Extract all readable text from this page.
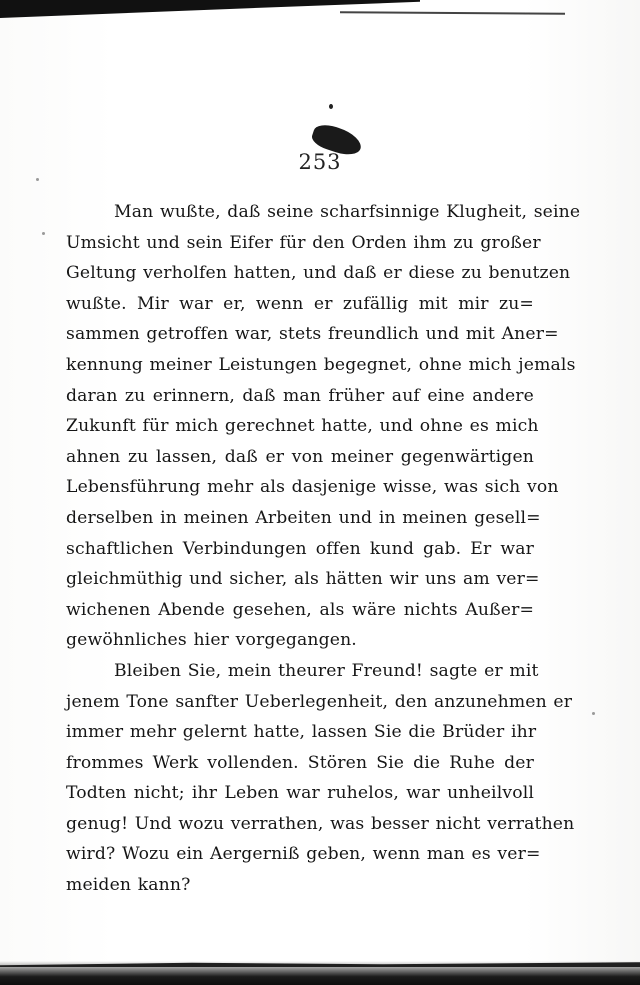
253
Man wußte, daß seine scharfsinnige Klugheit, seine
Umsicht und sein Eifer für den Orden ihm zu großer
Geltung verholfen hatten, und daß er diese zu benutzen
wußte. Mir war er, wenn er zufällig mit mir zu=
sammen getroffen war, stets freundlich und mit Aner=
kennung meiner Leistungen begegnet, ohne mich jemals
daran zu erinnern, daß man früher auf eine andere
Zukunft für mich gerechnet hatte, und ohne es mich
ahnen zu lassen, daß er von meiner gegenwärtigen
Lebensführung mehr als dasjenige wisse, was sich von
derselben in meinen Arbeiten und in meinen gesell=
schaftlichen Verbindungen offen kund gab. Er war
gleichmüthig und sicher, als hätten wir uns am ver=
wichenen Abende gesehen, als wäre nichts Außer=
gewöhnliches hier vorgegangen.
Bleiben Sie, mein theurer Freund! sagte er mit
jenem Tone sanfter Ueberlegenheit, den anzunehmen er
immer mehr gelernt hatte, lassen Sie die Brüder ihr
frommes Werk vollenden. Stören Sie die Ruhe der
Todten nicht; ihr Leben war ruhelos, war unheilvoll
genug! Und wozu verrathen, was besser nicht verrathen
wird? Wozu ein Aergerniß geben, wenn man es ver=
meiden kann?
